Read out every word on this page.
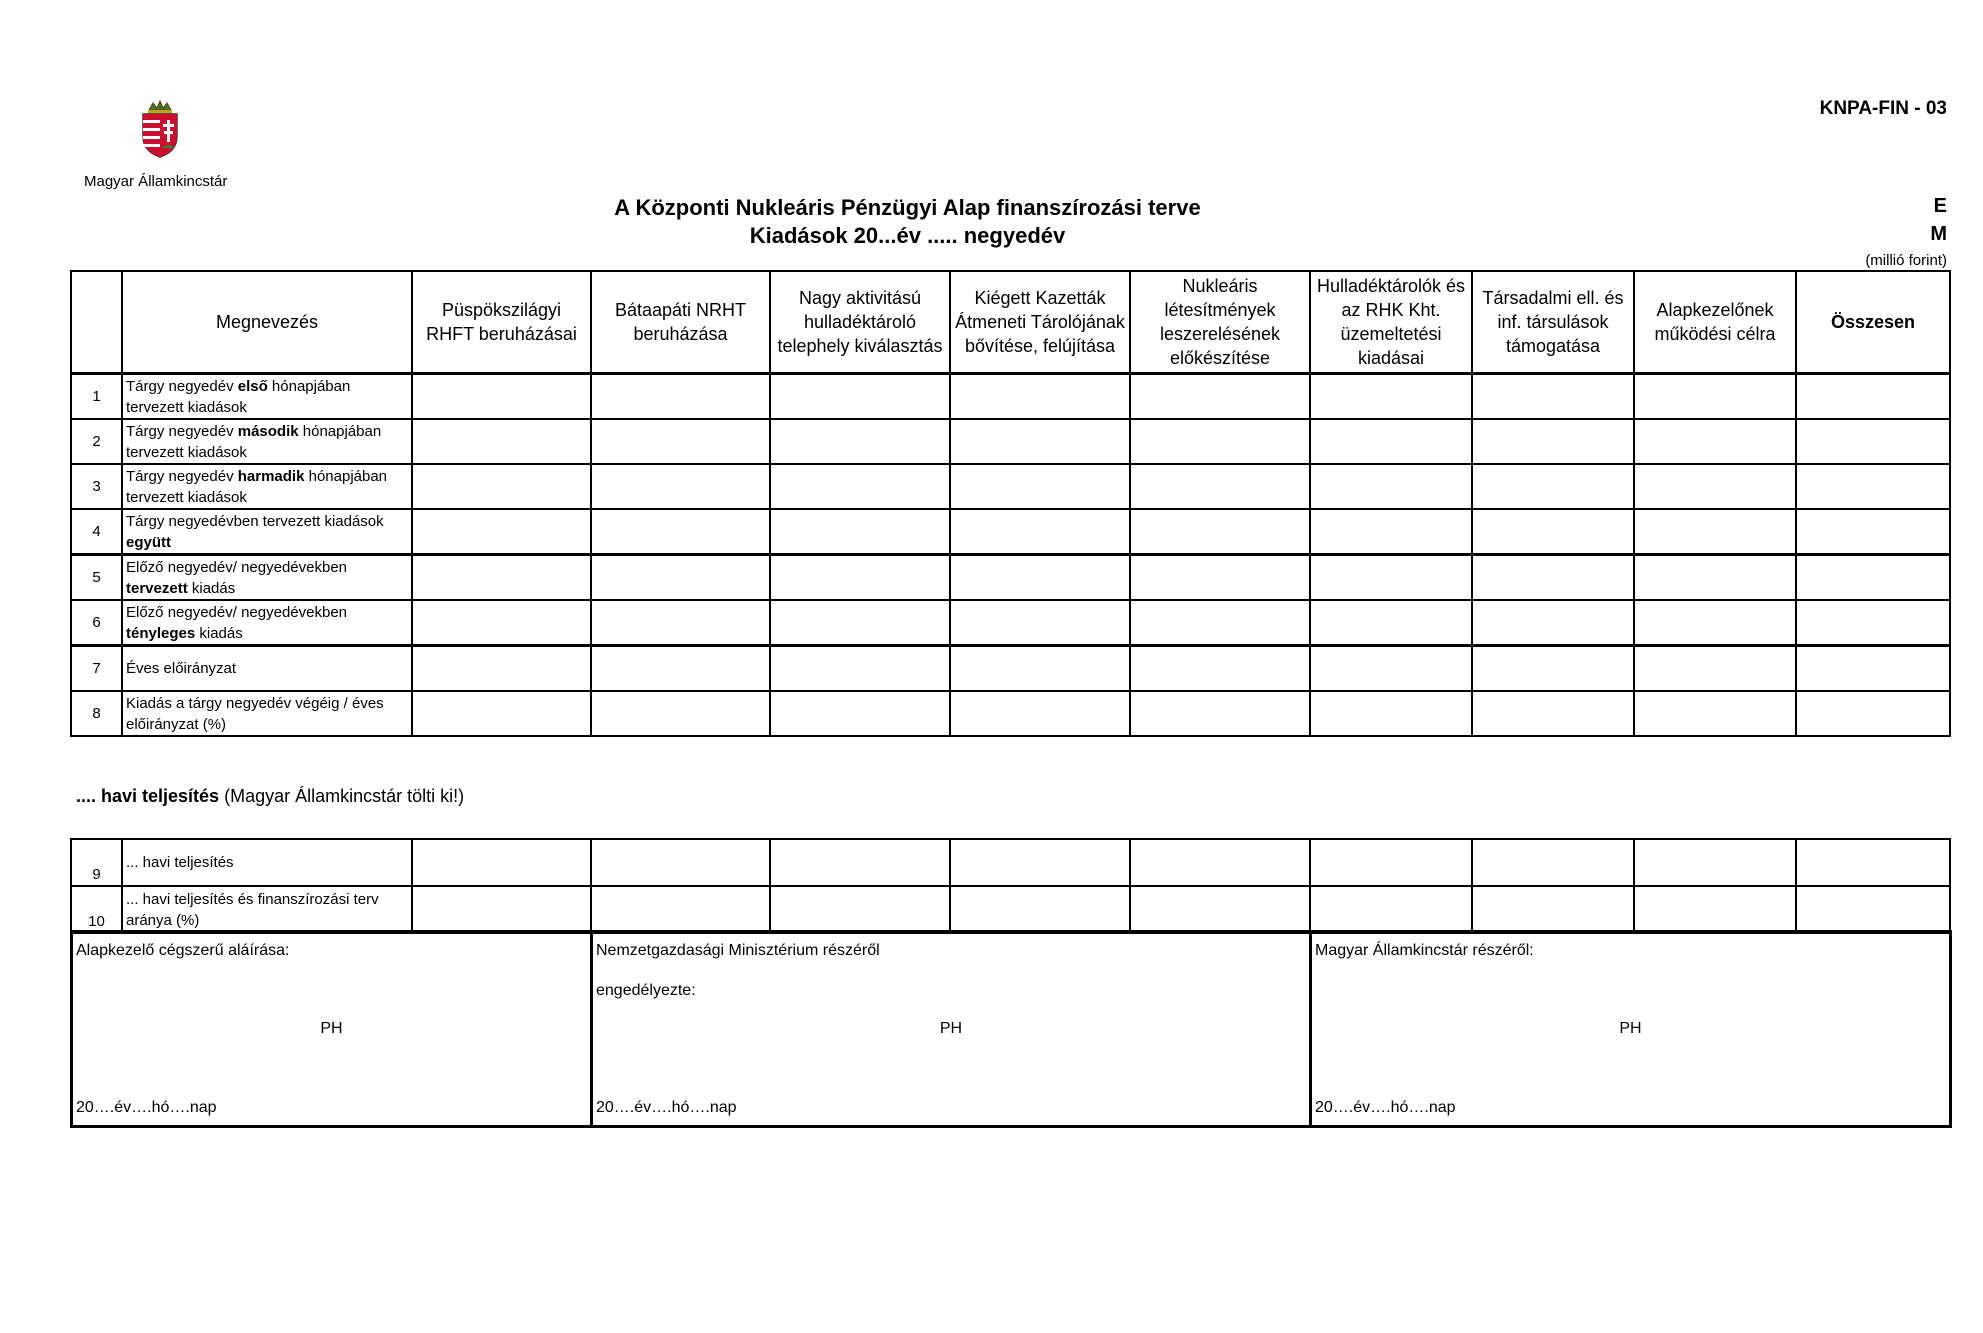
Magyar Államkincstár
KNPA-FIN - 03
A Központi Nukleáris Pénzügyi Alap finanszírozási terve
Kiadások 20...év ..... negyedév
E
M
(millió forint)
	Megnevezés	Püspökszilágyi RHFT beruházásai	Bátaapáti NRHT beruházása	Nagy aktivitású hulladéktároló telephely kiválasztás	Kiégett Kazetták Átmeneti Tárolójának bővítése, felújítása	Nukleáris létesítmények leszerelésének előkészítése	Hulladéktárolók és az RHK Kht. üzemeltetési kiadásai	Társadalmi ell. és inf. társulások támogatása	Alapkezelőnek működési célra	Összesen
1	Tárgy negyedév első hónapjában tervezett kiadások									
2	Tárgy negyedév második hónapjában tervezett kiadások									
3	Tárgy negyedév harmadik hónapjában tervezett kiadások									
4	Tárgy negyedévben tervezett kiadások együtt									
5	Előző negyedév/ negyedévekben tervezett kiadás									
6	Előző negyedév/ negyedévekben tényleges kiadás									
7	Éves előirányzat									
8	Kiadás a tárgy negyedév végéig / éves előirányzat (%)									
.... havi teljesítés (Magyar Államkincstár tölti ki!)
9	... havi teljesítés									
10	... havi teljesítés és finanszírozási terv aránya (%)									
Alapkezelő cégszerű aláírása:
PH
20….év….hó….nap

Nemzetgazdasági Minisztérium részéről
engedélyezte:
PH
20….év….hó….nap

Magyar Államkincstár részéről:
PH
20….év….hó….nap
